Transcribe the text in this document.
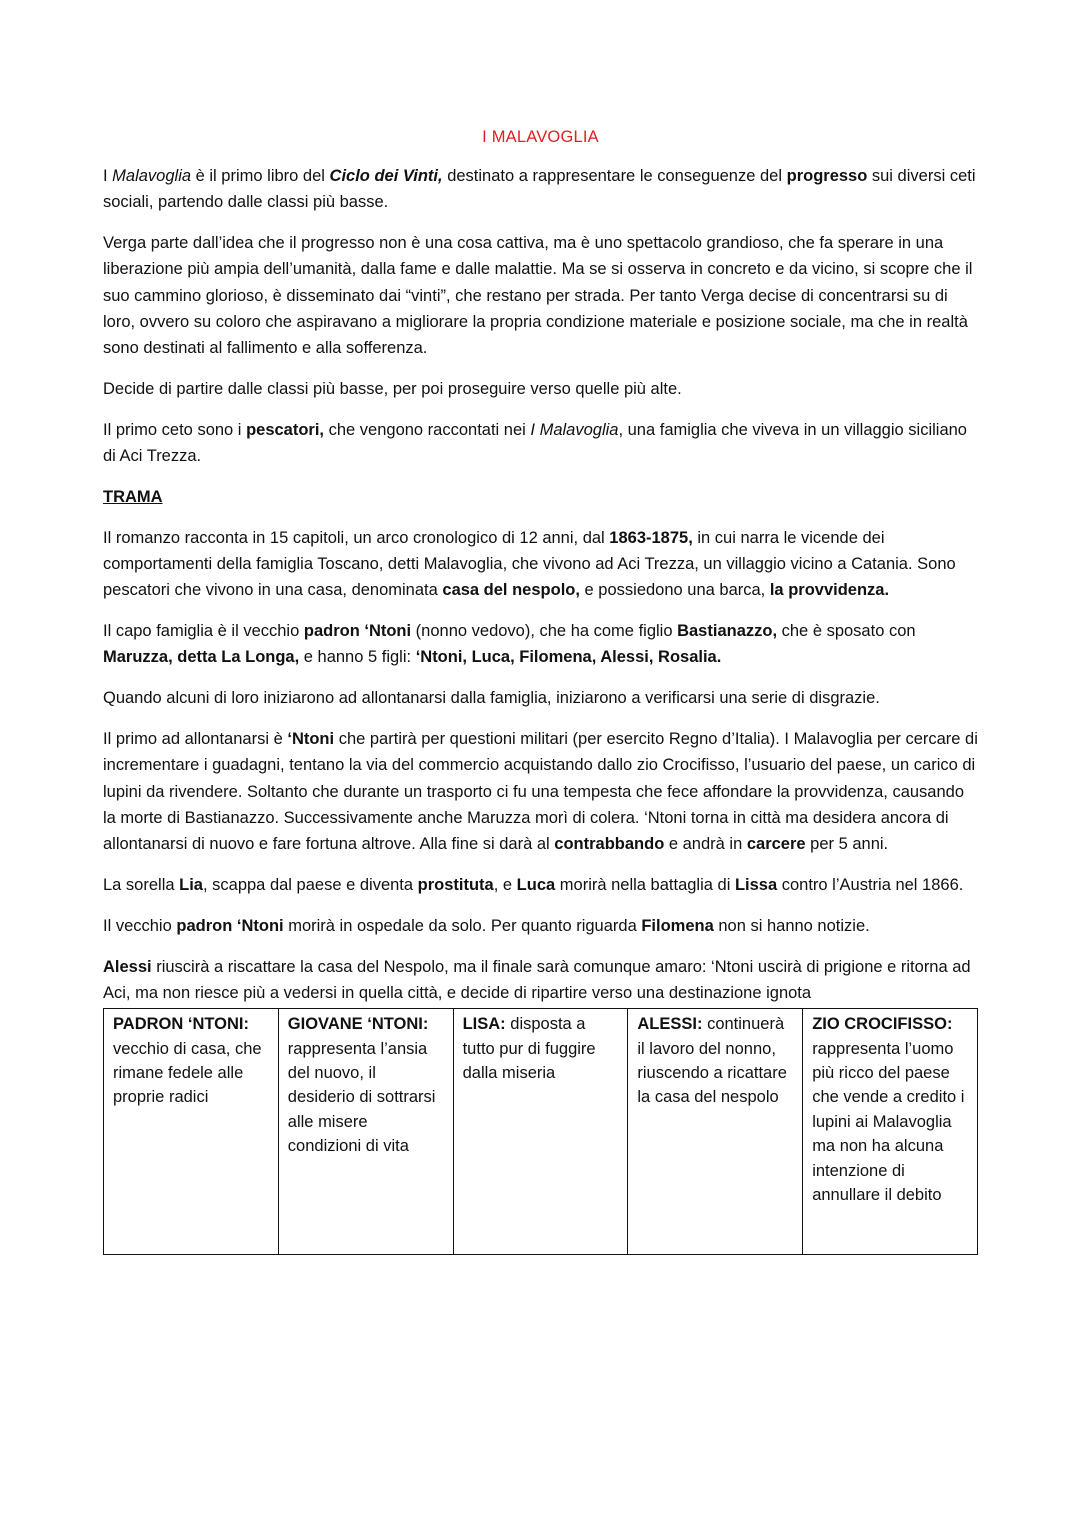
I MALAVOGLIA

I Malavoglia è il primo libro del Ciclo dei Vinti, destinato a rappresentare le conseguenze del progresso sui diversi ceti sociali, partendo dalle classi più basse.

Verga parte dall’idea che il progresso non è una cosa cattiva, ma è uno spettacolo grandioso, che fa sperare in una liberazione più ampia dell’umanità, dalla fame e dalle malattie. Ma se si osserva in concreto e da vicino, si scopre che il suo cammino glorioso, è disseminato dai “vinti”, che restano per strada. Per tanto Verga decise di concentrarsi su di loro, ovvero su coloro che aspiravano a migliorare la propria condizione materiale e posizione sociale, ma che in realtà sono destinati al fallimento e alla sofferenza.

Decide di partire dalle classi più basse, per poi proseguire verso quelle più alte.

Il primo ceto sono i pescatori, che vengono raccontati nei I Malavoglia, una famiglia che viveva in un villaggio siciliano di Aci Trezza.

TRAMA

Il romanzo racconta in 15 capitoli, un arco cronologico di 12 anni, dal 1863-1875, in cui narra le vicende dei comportamenti della famiglia Toscano, detti Malavoglia, che vivono ad Aci Trezza, un villaggio vicino a Catania. Sono pescatori che vivono in una casa, denominata casa del nespolo, e possiedono una barca, la provvidenza.

Il capo famiglia è il vecchio padron ‘Ntoni (nonno vedovo), che ha come figlio Bastianazzo, che è sposato con Maruzza, detta La Longa, e hanno 5 figli: ‘Ntoni, Luca, Filomena, Alessi, Rosalia.

Quando alcuni di loro iniziarono ad allontanarsi dalla famiglia, iniziarono a verificarsi una serie di disgrazie.

Il primo ad allontanarsi è ‘Ntoni che partirà per questioni militari (per esercito Regno d’Italia). I Malavoglia per cercare di incrementare i guadagni, tentano la via del commercio acquistando dallo zio Crocifisso, l’usuario del paese, un carico di lupini da rivendere. Soltanto che durante un trasporto ci fu una tempesta che fece affondare la provvidenza, causando la morte di Bastianazzo. Successivamente anche Maruzza morì di colera. ‘Ntoni torna in città ma desidera ancora di allontanarsi di nuovo e fare fortuna altrove. Alla fine si darà al contrabbando e andrà in carcere per 5 anni.

La sorella Lia, scappa dal paese e diventa prostituta, e Luca morirà nella battaglia di Lissa contro l’Austria nel 1866.

Il vecchio padron ‘Ntoni morirà in ospedale da solo. Per quanto riguarda Filomena non si hanno notizie.

Alessi riuscirà a riscattare la casa del Nespolo, ma il finale sarà comunque amaro: ‘Ntoni uscirà di prigione e ritorna ad Aci, ma non riesce più a vedersi in quella città, e decide di ripartire verso una destinazione ignota

PADRON ‘NTONI:
vecchio di casa, che rimane fedele alle proprie radici	GIOVANE ‘NTONI:
rappresenta l’ansia del nuovo, il desiderio di sottrarsi alle misere condizioni di vita	LISA: disposta a tutto pur di fuggire dalla miseria	ALESSI: continuerà il lavoro del nonno, riuscendo a ricattare la casa del nespolo	ZIO CROCIFISSO:
rappresenta l’uomo più ricco del paese che vende a credito i lupini ai Malavoglia ma non ha alcuna intenzione di annullare il debito
